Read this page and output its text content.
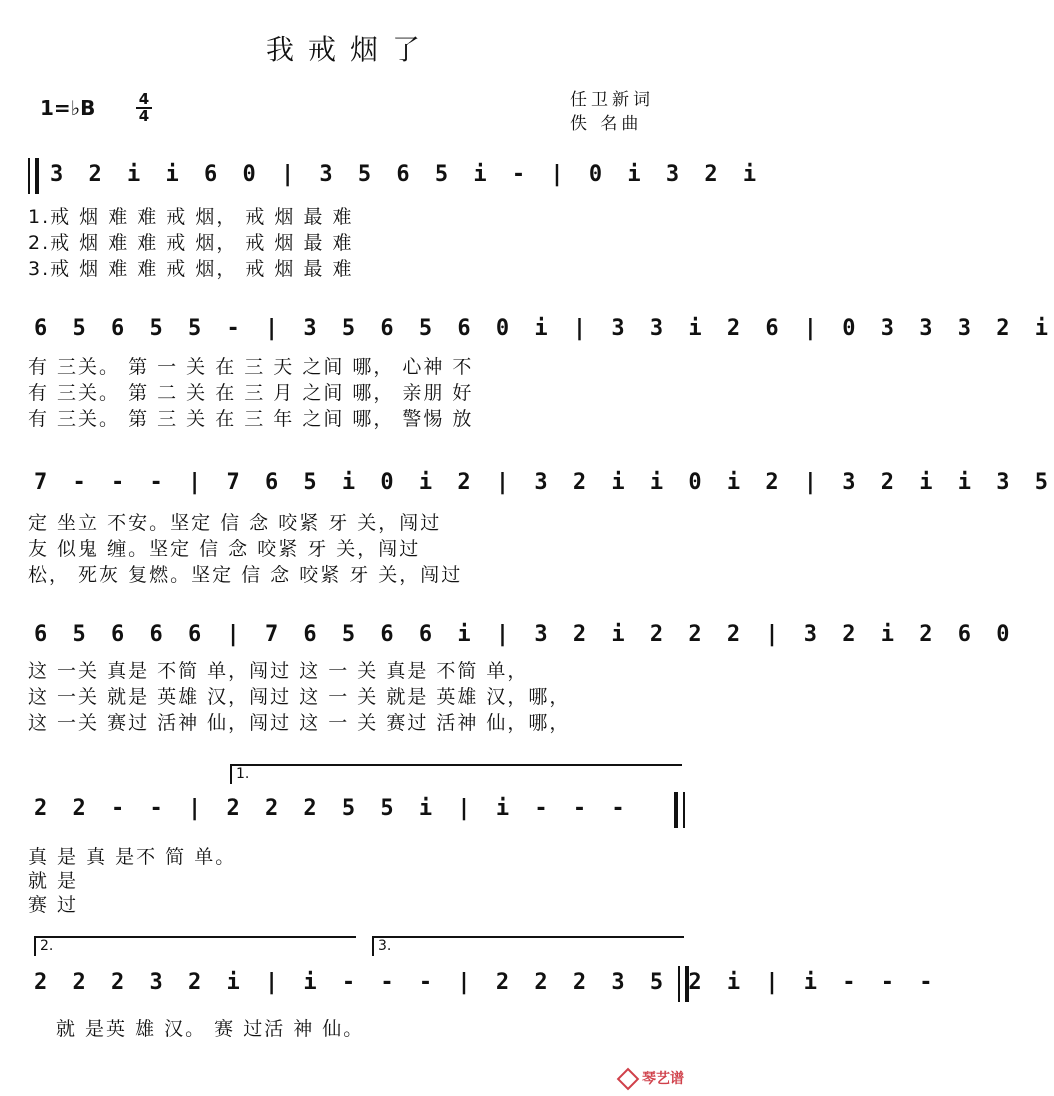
我戒烟了
1=♭B	4
4
任卫新词
佚 名曲
3 2 i i 6 0 | 3 5 6 5 i - | 0 i 3 2 i
1.戒 烟 难 难 戒 烟， 戒 烟 最 难
2.戒 烟 难 难 戒 烟， 戒 烟 最 难
3.戒 烟 难 难 戒 烟， 戒 烟 最 难
6 5 6 5 5 - | 3 5 6 5 6 0 i | 3 3 i 2 6 | 0 3 3 3 2 i
有 三关。 第 一 关 在 三 天 之间 哪， 心神 不
有 三关。 第 二 关 在 三 月 之间 哪， 亲朋 好
有 三关。 第 三 关 在 三 年 之间 哪， 警惕 放
7 - - - | 7 6 5 i 0 i 2 | 3 2 i i 0 i 2 | 3 2 i i 3 5
定 坐立 不安。坚定 信 念 咬紧 牙 关，闯过
友 似鬼 缠。坚定 信 念 咬紧 牙 关，闯过
松， 死灰 复燃。坚定 信 念 咬紧 牙 关，闯过
6 5 6 6 6 | 7 6 5 6 6 i | 3 2 i 2 2 2 | 3 2 i 2 6 0
这 一关 真是 不简 单，闯过 这 一 关 真是 不简 单，
这 一关 就是 英雄 汉，闯过 这 一 关 就是 英雄 汉，哪，
这 一关 赛过 活神 仙，闯过 这 一 关 赛过 活神 仙，哪，
1.
2 2 - - | 2 2 2 5 5 i | i - - -
真 是 真 是不 简 单。
就 是
赛 过
2.	3.
2 2 2 3 2 i | i - - - | 2 2 2 3 5 2 i | i - - -
就 是英 雄 汉。 赛 过活 神 仙。
琴艺谱
